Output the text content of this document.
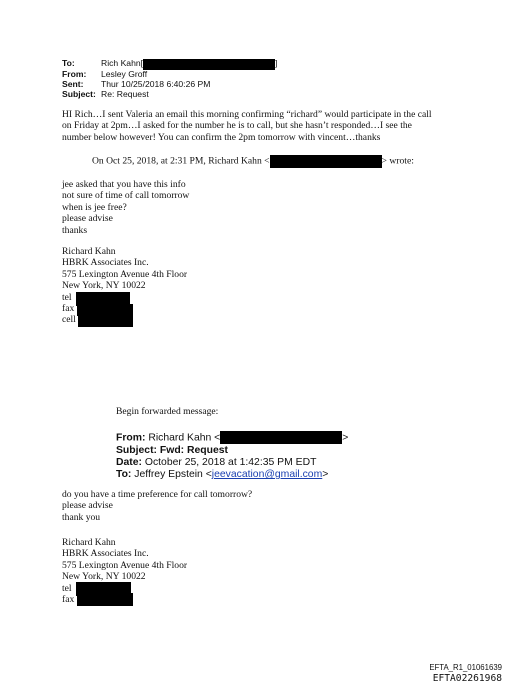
To:	Rich Kahn[	]
From:	Lesley Groff
Sent:	Thur 10/25/2018 6:40:26 PM
Subject: Re: Request
HI Rich…I sent Valeria an email this morning confirming “richard” would participate in the call
on Friday at 2pm…I asked for the number he is to call, but she hasn’t responded…I see the
number below however! You can confirm the 2pm tomorrow with vincent…thanks
On Oct 25, 2018, at 2:31 PM, Richard Kahn <	> wrote:
jee asked that you have this info
not sure of time of call tomorrow
when is jee free?
please advise
thanks
Richard Kahn
HBRK Associates Inc.
575 Lexington Avenue 4th Floor
New York, NY 10022
tel
fax
cell
Begin forwarded message:
From: Richard Kahn <	>
Subject: Fwd: Request
Date: October 25, 2018 at 1:42:35 PM EDT
To: Jeffrey Epstein <jeevacation@gmail.com>
do you have a time preference for call tomorrow?
please advise
thank you
Richard Kahn
HBRK Associates Inc.
575 Lexington Avenue 4th Floor
New York, NY 10022
tel
fax
EFTA_R1_01061639
EFTA02261968
